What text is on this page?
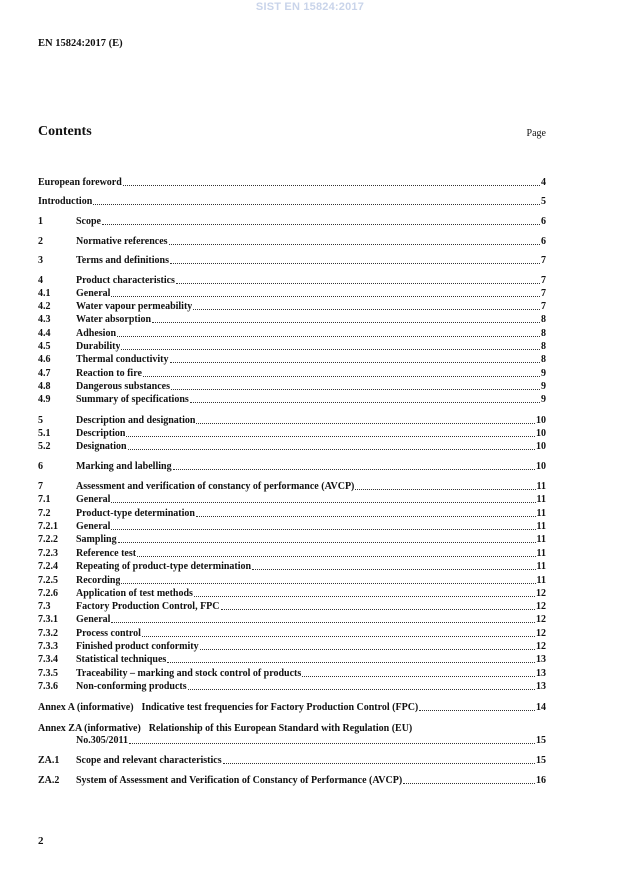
SIST EN 15824:2017
EN 15824:2017 (E)
Contents	Page
European foreword	4
Introduction	5
1	Scope	6
2	Normative references	6
3	Terms and definitions	7
4	Product characteristics	7
4.1	General	7
4.2	Water vapour permeability	7
4.3	Water absorption	8
4.4	Adhesion	8
4.5	Durability	8
4.6	Thermal conductivity	8
4.7	Reaction to fire	9
4.8	Dangerous substances	9
4.9	Summary of specifications	9
5	Description and designation	10
5.1	Description	10
5.2	Designation	10
6	Marking and labelling	10
7	Assessment and verification of constancy of performance (AVCP)	11
7.1	General	11
7.2	Product-type determination	11
7.2.1	General	11
7.2.2	Sampling	11
7.2.3	Reference test	11
7.2.4	Repeating of product-type determination	11
7.2.5	Recording	11
7.2.6	Application of test methods	12
7.3	Factory Production Control, FPC	12
7.3.1	General	12
7.3.2	Process control	12
7.3.3	Finished product conformity	12
7.3.4	Statistical techniques	13
7.3.5	Traceability – marking and stock control of products	13
7.3.6	Non-conforming products	13
Annex A (informative) Indicative test frequencies for Factory Production Control (FPC)	14
Annex ZA (informative) Relationship of this European Standard with Regulation (EU)
No.305/2011	15
ZA.1	Scope and relevant characteristics	15
ZA.2	System of Assessment and Verification of Constancy of Performance (AVCP)	16
2
